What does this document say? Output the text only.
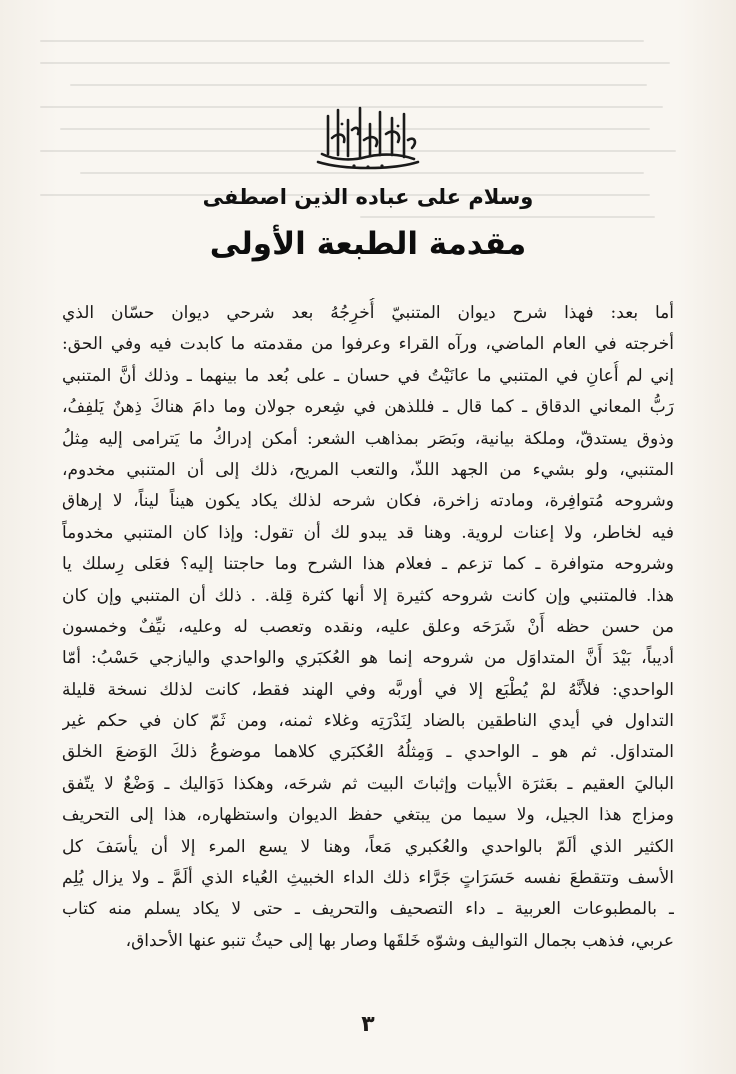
وسلام على عباده الذين اصطفى
مقدمة الطبعة الأولى
أما بعد: فهذا شرح ديوان المتنبيّ أُخرِجُهُ بعد شرحي ديوان حسّان الذي
أخرجته في العام الماضي، ورآه القراء وعرفوا من مقدمته ما كابدت فيه وفي الحق:
إني لم أُعانِ في المتنبي ما عانَيْتُ في حسان ـ على بُعد ما بينهما ـ وذلك أنَّ المتنبي
رَبُّ المعاني الدقاق ـ كما قال ـ فللذهن في شِعره جولان وما دامَ هناكَ ذِهنٌ يَلفِفُ،
وذوق يستدقّ، وملكة بيانية، وبَصَر بمذاهب الشعر: أمكن إدراكُ ما يَترامى إليه مِثلُ
المتنبي، ولو بشيء من الجهد اللذّ، والتعب المريح، ذلك إلى أن المتنبي مخدوم،
وشروحه مُتوافِرة، ومادته زاخرة، فكان شرحه لذلك يكاد يكون هيناً ليناً، لا إرهاق
فيه لخاطر، ولا إعنات لروية. وهنا قد يبدو لك أن تقول: وإذا كان المتنبي مخدوماً
وشروحه متوافرة ـ كما تزعم ـ فعلام هذا الشرح وما حاجتنا إليه؟ فعَلى رِسلك يا
هذا. فالمتنبي وإن كانت شروحه كثيرة إلا أنها كثرة قِلة. . ذلك أن المتنبي وإن كان
من حسن حظه أَنْ شَرَحَه وعلق عليه، ونقده وتعصب له وعليه، نيِّفٌ وخمسون
أديباً، بَيْدَ أَنَّ المتداوَل من شروحه إنما هو العُكبَري والواحدي واليازجي حَسْبُ: أمّا
الواحدي: فلأنَّهُ لمْ يُطْبَع إلا في أوربَّه وفي الهند فقط، كانت لذلك نسخة قليلة
التداول في أيدي الناطقين بالضاد لِنَدْرَتِه وغلاء ثمنه، ومن ثَمّ كان في حكم غير
المتداوَل. ثم هو ـ الواحدي ـ وَمِثلُهُ العُكبَري كلاهما موضوعُ ذلكَ الوَضعَ الخلق
الباليَ العقيم ـ بعَثرَة الأبيات وإثباتَ البيت ثم شرحَه، وهكذا دَوَاليك ـ وَضْعٌ لا يتّفق
ومزاج هذا الجيل، ولا سيما من يبتغي حفظ الديوان واستظهاره، هذا إلى التحريف
الكثير الذي ألَمّ بالواحدي والعُكبري مَعاً، وهنا لا يسع المرء إلا أن يأسَفَ كل
الأسف وتتقطعَ نفسه حَسَرَاتٍ جَرَّاء ذلك الداء الخبيثِ العُياء الذي ألَمَّ ـ ولا يزال يُلِم
ـ بالمطبوعات العربية ـ داء التصحيف والتحريف ـ حتى لا يكاد يسلم منه كتاب
عربي، فذهب بجمال التواليف وشوّه خَلقَها وصار بها إلى حيثُ تنبو عنها الأحداق،
٣
